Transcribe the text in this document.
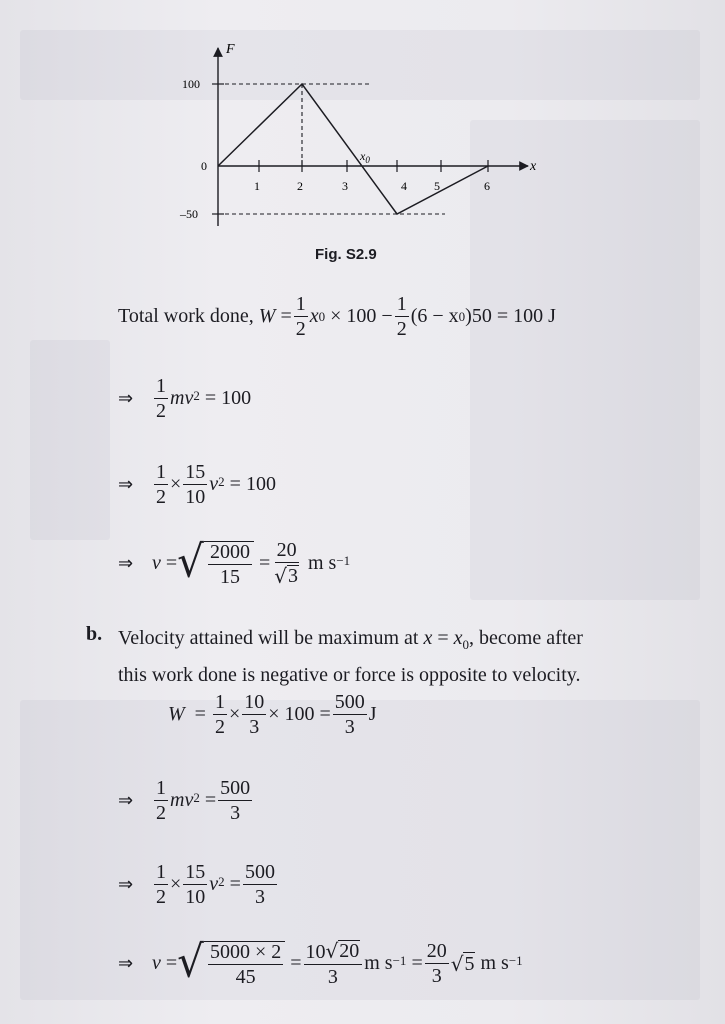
F
x
100
0
–50
1	2	3	4 5	6
$x_0$
Fig. S2.9
Total work done,
W
= $\frac{1}{2}$ x 0
× $100 - \frac{1}{2} (6 - x$ 0 )50 = 100 J
⇒	$\frac{1}{2} mv^2$
= 100
⇒	$\frac{1}{2} \times \frac{15}{10} v^2$
= 100
⇒ v
= √ $\frac{2000}{15}$
= $\frac{20}{√ 3}$
m $s^{-1}$
b. Velocity attained will be maximum at $x = x_0$, become after
this work done is negative or force is opposite to velocity.
W
=
$\frac{1}{2} \times \frac{10}{3} \times 100 = \frac{500}{3}$ J
⇒	$\frac{1}{2} mv^2$
= $\frac{500}{3}$
⇒	$\frac{1}{2} \times \frac{15}{10} v^2$
= $\frac{500}{3}$
⇒ v
= √ $\frac{5000 \times 2}{45}$
= $\frac{10 √ 20}{3}$ m $s^{-1}$
= $\frac{20}{3}$ √ 5
m $s^{-1}$
